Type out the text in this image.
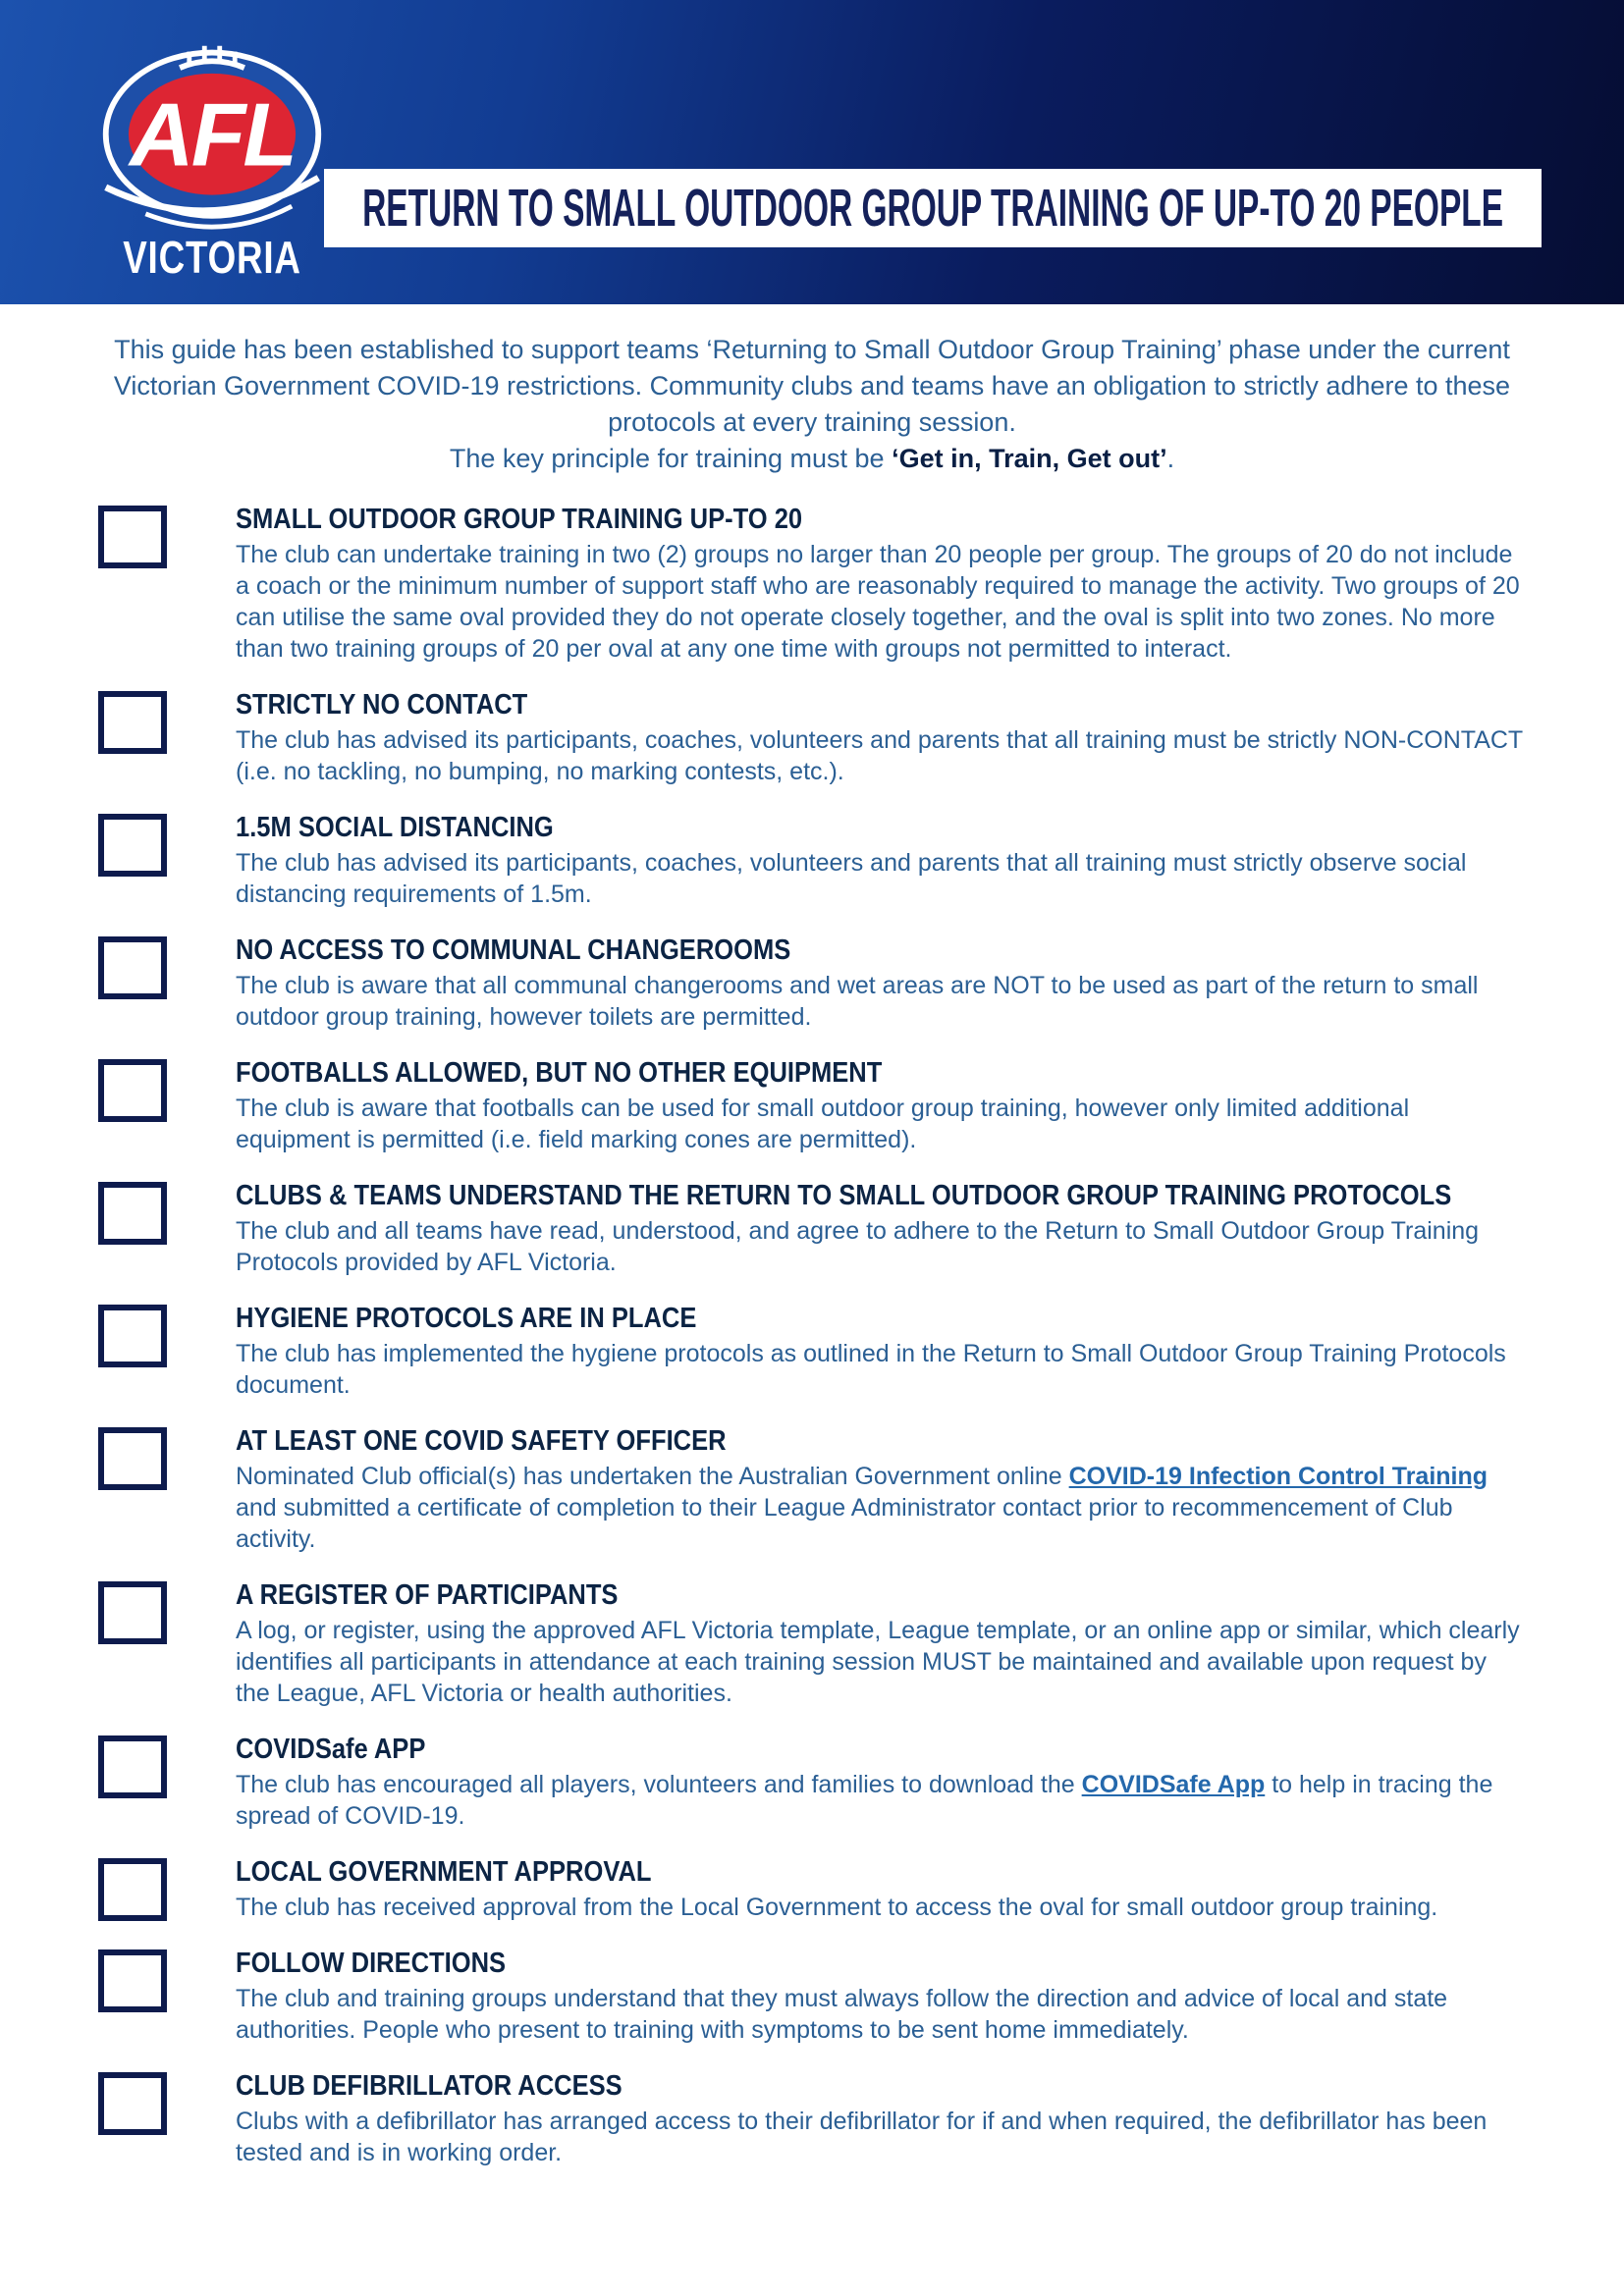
AFL
VICTORIA
RETURN TO SMALL OUTDOOR GROUP TRAINING OF UP-TO 20 PEOPLE
This guide has been established to support teams ‘Returning to Small Outdoor Group Training’ phase under the current Victorian Government COVID-19 restrictions. Community clubs and teams have an obligation to strictly adhere to these protocols at every training session.
The key principle for training must be ‘Get in, Train, Get out’.
SMALL OUTDOOR GROUP TRAINING UP-TO 20
The club can undertake training in two (2) groups no larger than 20 people per group. The groups of 20 do not include a coach or the minimum number of support staff who are reasonably required to manage the activity. Two groups of 20 can utilise the same oval provided they do not operate closely together, and the oval is split into two zones. No more than two training groups of 20 per oval at any one time with groups not permitted to interact.
STRICTLY NO CONTACT
The club has advised its participants, coaches, volunteers and parents that all training must be strictly NON-CONTACT (i.e. no tackling, no bumping, no marking contests, etc.).
1.5M SOCIAL DISTANCING
The club has advised its participants, coaches, volunteers and parents that all training must strictly observe social distancing requirements of 1.5m.
NO ACCESS TO COMMUNAL CHANGEROOMS
The club is aware that all communal changerooms and wet areas are NOT to be used as part of the return to small outdoor group training, however toilets are permitted.
FOOTBALLS ALLOWED, BUT NO OTHER EQUIPMENT
The club is aware that footballs can be used for small outdoor group training, however only limited additional equipment is permitted (i.e. field marking cones are permitted).
CLUBS & TEAMS UNDERSTAND THE RETURN TO SMALL OUTDOOR GROUP TRAINING PROTOCOLS
The club and all teams have read, understood, and agree to adhere to the Return to Small Outdoor Group Training Protocols provided by AFL Victoria.
HYGIENE PROTOCOLS ARE IN PLACE
The club has implemented the hygiene protocols as outlined in the Return to Small Outdoor Group Training Protocols document.
AT LEAST ONE COVID SAFETY OFFICER
Nominated Club official(s) has undertaken the Australian Government online COVID-19 Infection Control Training and submitted a certificate of completion to their League Administrator contact prior to recommencement of Club activity.
A REGISTER OF PARTICIPANTS
A log, or register, using the approved AFL Victoria template, League template, or an online app or similar, which clearly identifies all participants in attendance at each training session MUST be maintained and available upon request by the League, AFL Victoria or health authorities.
COVIDSafe APP
The club has encouraged all players, volunteers and families to download the COVIDSafe App to help in tracing the spread of COVID-19.
LOCAL GOVERNMENT APPROVAL
The club has received approval from the Local Government to access the oval for small outdoor group training.
FOLLOW DIRECTIONS
The club and training groups understand that they must always follow the direction and advice of local and state authorities. People who present to training with symptoms to be sent home immediately.
CLUB DEFIBRILLATOR ACCESS
Clubs with a defibrillator has arranged access to their defibrillator for if and when required, the defibrillator has been tested and is in working order.
